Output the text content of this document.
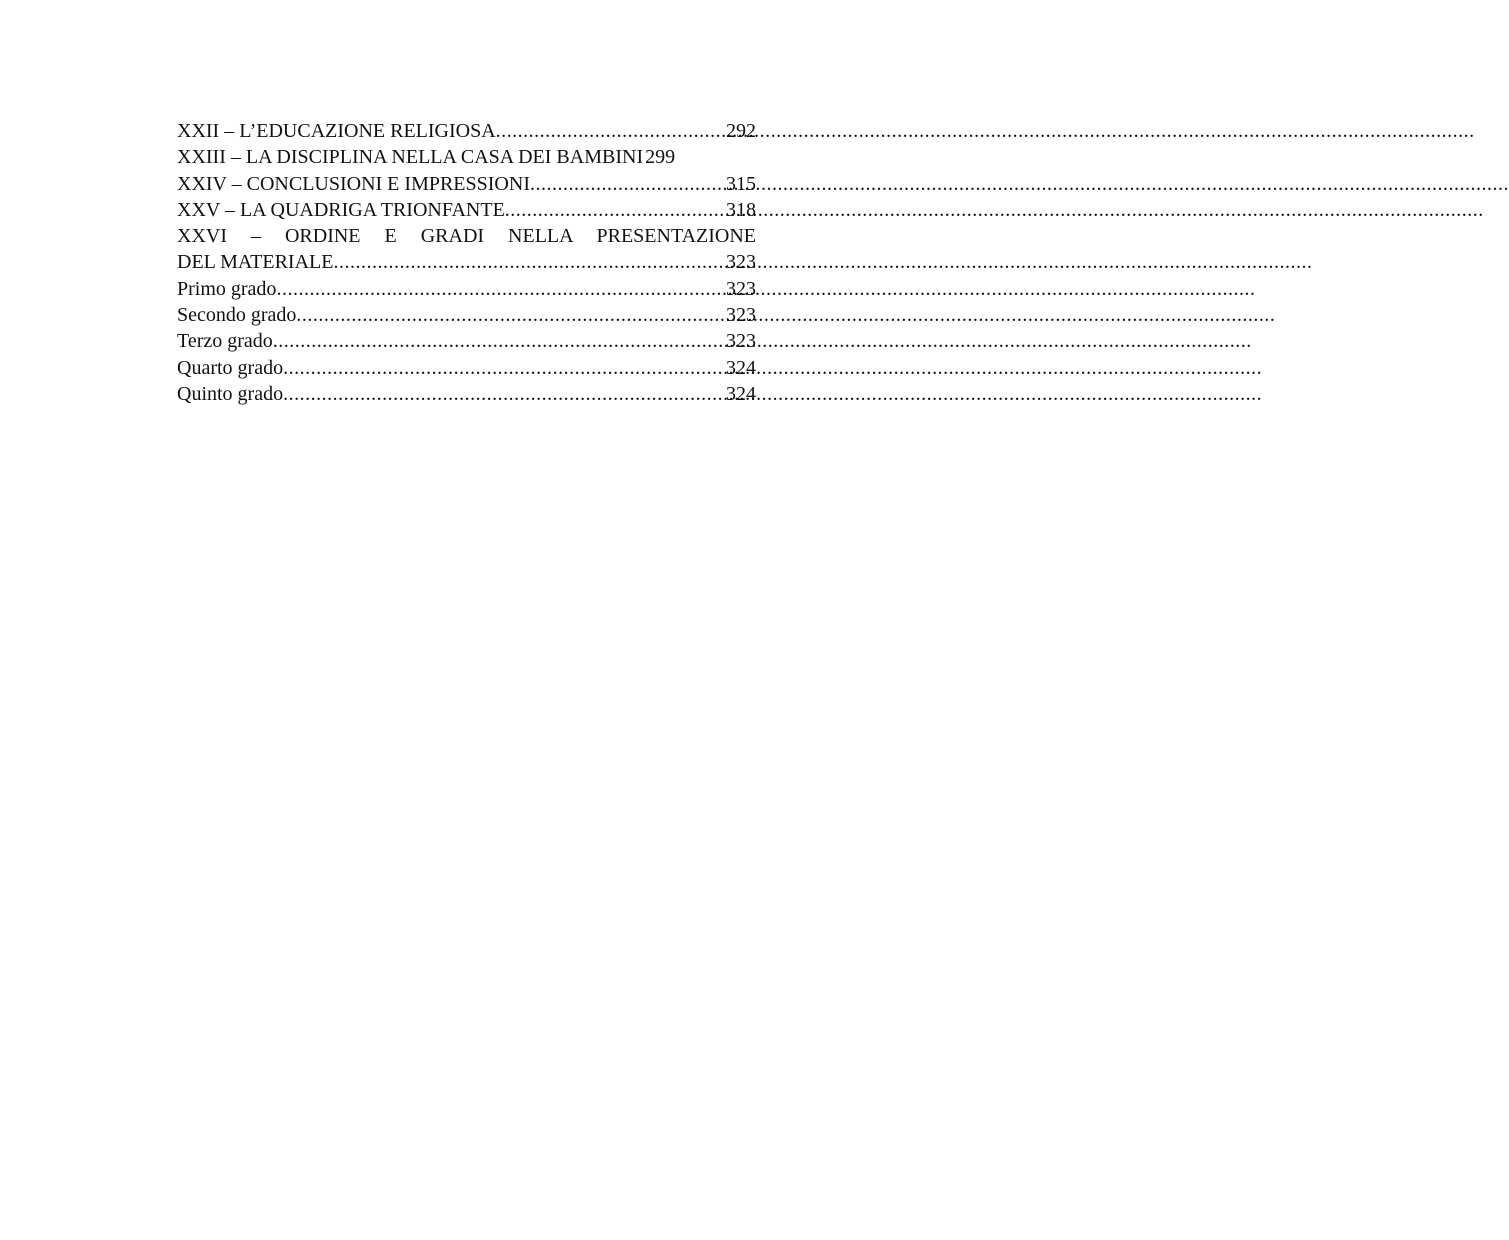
XXII – L’EDUCAZIONE RELIGIOSA .....	292
XXIII – LA DISCIPLINA NELLA CASA DEI BAMBINI 299
XXIV – CONCLUSIONI E IMPRESSIONI .....	315
XXV – LA QUADRIGA TRIONFANTE .....	318
XXVI – ORDINE E GRADI NELLA PRESENTAZIONE
DEL MATERIALE .....	323
Primo grado .....	323
Secondo grado .....	323
Terzo grado .....	323
Quarto grado .....	324
Quinto grado .....	324
